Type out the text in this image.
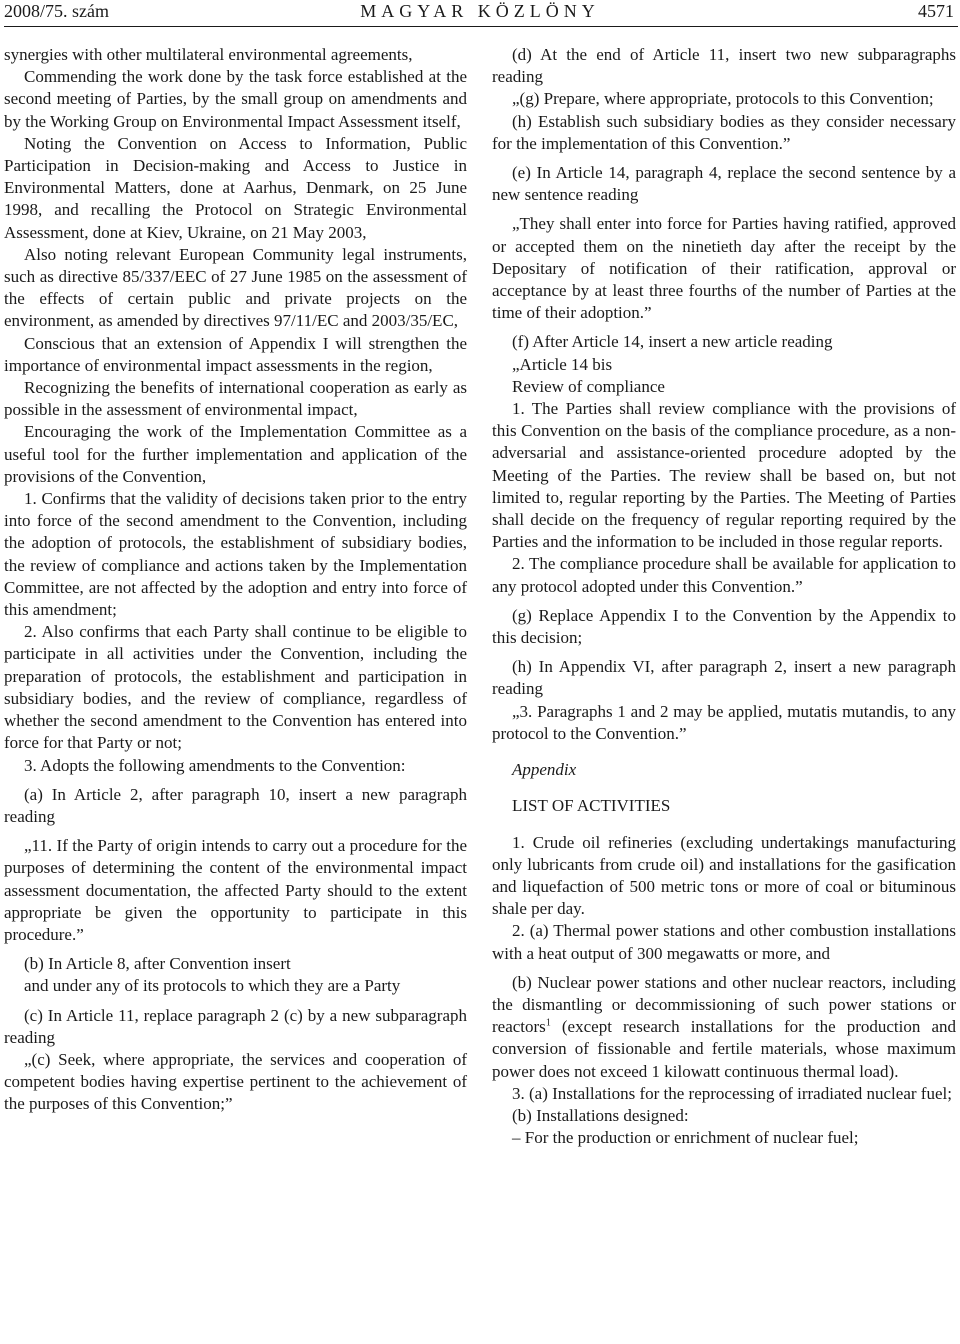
2008/75. szám	MAGYAR KÖZLÖNY	4571

synergies with other multilateral environmental agreements,

Commending the work done by the task force established at the second meeting of Parties, by the small group on amendments and by the Working Group on Environmental Impact Assessment itself,

Noting the Convention on Access to Information, Public Participation in Decision-making and Access to Justice in Environmental Matters, done at Aarhus, Denmark, on 25 June 1998, and recalling the Protocol on Strategic Environmental Assessment, done at Kiev, Ukraine, on 21 May 2003,

Also noting relevant European Community legal instruments, such as directive 85/337/EEC of 27 June 1985 on the assessment of the effects of certain public and private projects on the environment, as amended by directives 97/11/EC and 2003/35/EC,

Conscious that an extension of Appendix I will strengthen the importance of environmental impact assessments in the region,

Recognizing the benefits of international cooperation as early as possible in the assessment of environmental impact,

Encouraging the work of the Implementation Committee as a useful tool for the further implementation and application of the provisions of the Convention,

1. Confirms that the validity of decisions taken prior to the entry into force of the second amendment to the Convention, including the adoption of protocols, the establishment of subsidiary bodies, the review of compliance and actions taken by the Implementation Committee, are not affected by the adoption and entry into force of this amendment;

2. Also confirms that each Party shall continue to be eligible to participate in all activities under the Convention, including the preparation of protocols, the establishment and participation in subsidiary bodies, and the review of compliance, regardless of whether the second amendment to the Convention has entered into force for that Party or not;

3. Adopts the following amendments to the Convention:

(a) In Article 2, after paragraph 10, insert a new paragraph reading

„11. If the Party of origin intends to carry out a procedure for the purposes of determining the content of the environmental impact assessment documentation, the affected Party should to the extent appropriate be given the opportunity to participate in this procedure.”

(b) In Article 8, after Convention insert

and under any of its protocols to which they are a Party

(c) In Article 11, replace paragraph 2 (c) by a new subparagraph reading

„(c) Seek, where appropriate, the services and cooperation of competent bodies having expertise pertinent to the achievement of the purposes of this Convention;”

(d) At the end of Article 11, insert two new subparagraphs reading

„(g) Prepare, where appropriate, protocols to this Convention;

(h) Establish such subsidiary bodies as they consider necessary for the implementation of this Convention.”

(e) In Article 14, paragraph 4, replace the second sentence by a new sentence reading

„They shall enter into force for Parties having ratified, approved or accepted them on the ninetieth day after the receipt by the Depositary of notification of their ratification, approval or acceptance by at least three fourths of the number of Parties at the time of their adoption.”

(f) After Article 14, insert a new article reading

„Article 14 bis

Review of compliance

1. The Parties shall review compliance with the provisions of this Convention on the basis of the compliance procedure, as a non-adversarial and assistance-oriented procedure adopted by the Meeting of the Parties. The review shall be based on, but not limited to, regular reporting by the Parties. The Meeting of Parties shall decide on the frequency of regular reporting required by the Parties and the information to be included in those regular reports.

2. The compliance procedure shall be available for application to any protocol adopted under this Convention.”

(g) Replace Appendix I to the Convention by the Appendix to this decision;

(h) In Appendix VI, after paragraph 2, insert a new paragraph reading

„3. Paragraphs 1 and 2 may be applied, mutatis mutandis, to any protocol to the Convention.”

Appendix

LIST OF ACTIVITIES

1. Crude oil refineries (excluding undertakings manufacturing only lubricants from crude oil) and installations for the gasification and liquefaction of 500 metric tons or more of coal or bituminous shale per day.

2. (a) Thermal power stations and other combustion installations with a heat output of 300 megawatts or more, and

(b) Nuclear power stations and other nuclear reactors, including the dismantling or decommissioning of such power stations or reactors$^1$ (except research installations for the production and conversion of fissionable and fertile materials, whose maximum power does not exceed 1 kilowatt continuous thermal load).

3. (a) Installations for the reprocessing of irradiated nuclear fuel;

(b) Installations designed:

– For the production or enrichment of nuclear fuel;
